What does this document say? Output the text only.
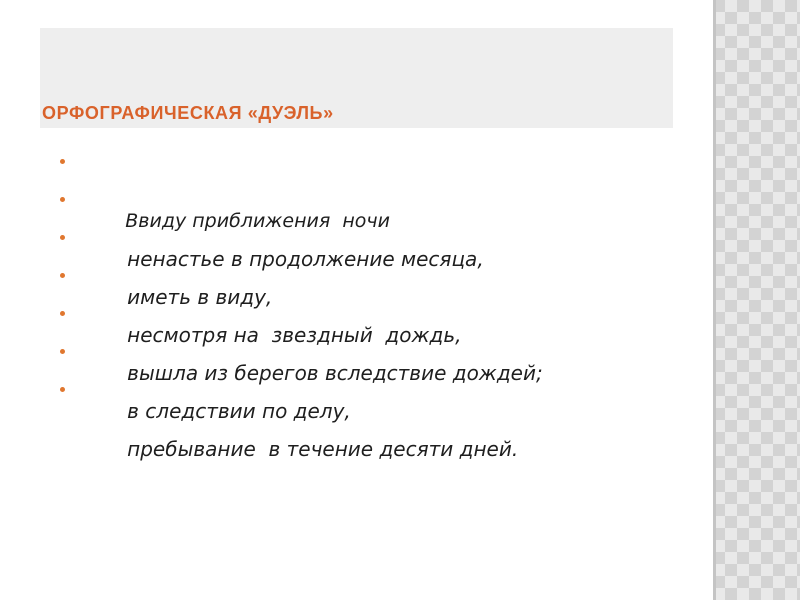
ОРФОГРАФИЧЕСКАЯ «ДУЭЛЬ»

Ввиду приближения  ночи

ненастье в продолжение месяца,

иметь в виду,

несмотря на  звездный  дождь,

вышла из берегов вследствие дождей;

в следствии по делу,

пребывание  в течение десяти дней.
